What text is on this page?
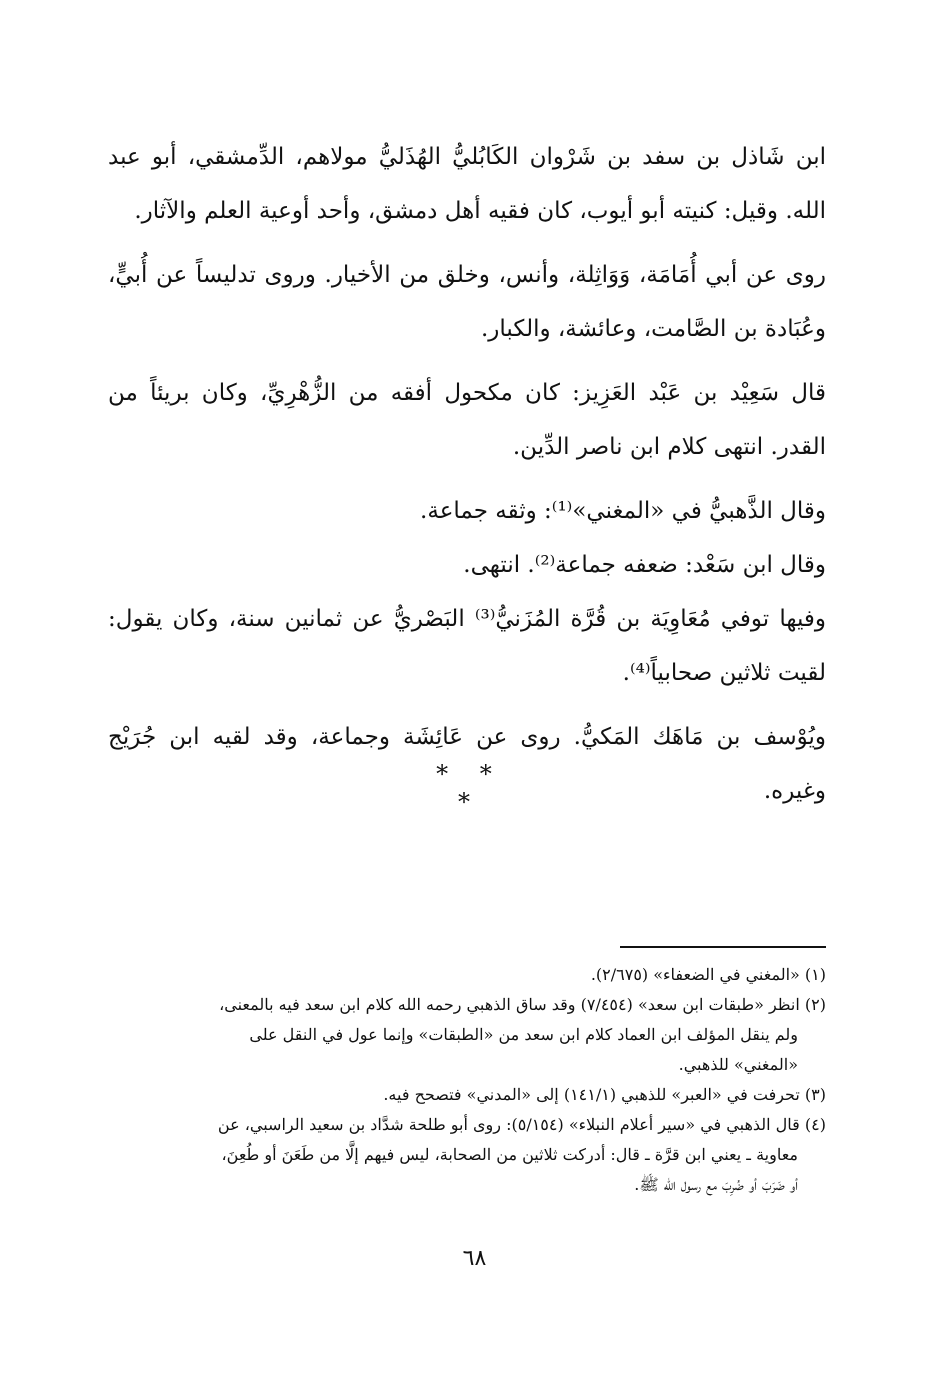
ابن شَاذل بن سفد بن شَرْوان الكَابُليُّ الهُذَليُّ مولاهم، الدِّمشقي، أبو عبد الله. وقيل: كنيته أبو أيوب، كان فقيه أهل دمشق، وأحد أوعية العلم والآثار.

روى عن أبي أُمَامَة، وَوَاثِلة، وأنس، وخلق من الأخيار. وروى تدليساً عن أُبيٍّ، وعُبَادة بن الصَّامت، وعائشة، والكبار.

قال سَعِيْد بن عَبْد العَزِيز: كان مكحول أفقه من الزُّهْرِيِّ، وكان بريئاً من القدر. انتهى كلام ابن ناصر الدِّين.

وقال الذَّهبيُّ في «المغني»⁽¹⁾: وثقه جماعة.

وقال ابن سَعْد: ضعفه جماعة⁽²⁾. انتهى.

وفيها توفي مُعَاوِيَة بن قُرَّة المُزَنيُّ⁽³⁾ البَصْريُّ عن ثمانين سنة، وكان يقول: لقيت ثلاثين صحابياً⁽⁴⁾.

ويُوْسف بن مَاهَك المَكيُّ. روى عن عَائِشَة وجماعة، وقد لقيه ابن جُرَيْج وغيره.

* * *

(١) «المغني في الضعفاء» (٢/٦٧٥).

(٢) انظر «طبقات ابن سعد» (٧/٤٥٤) وقد ساق الذهبي رحمه الله كلام ابن سعد فيه بالمعنى،
ولم ينقل المؤلف ابن العماد كلام ابن سعد من «الطبقات» وإنما عول في النقل على
«المغني» للذهبي.

(٣) تحرفت في «العبر» للذهبي (١٤١/١) إلى «المدني» فتصحح فيه.

(٤) قال الذهبي في «سير أعلام النبلاء» (٥/١٥٤): روى أبو طلحة شدَّاد بن سعيد الراسبي، عن
معاوية ـ يعني ابن قرَّة ـ قال: أدركت ثلاثين من الصحابة، ليس فيهم إلَّا من طَعَنَ أو طُعِنَ،
أو ضَرَبَ أو ضُرِبَ مع رسول الله ﷺ.

٦٨
